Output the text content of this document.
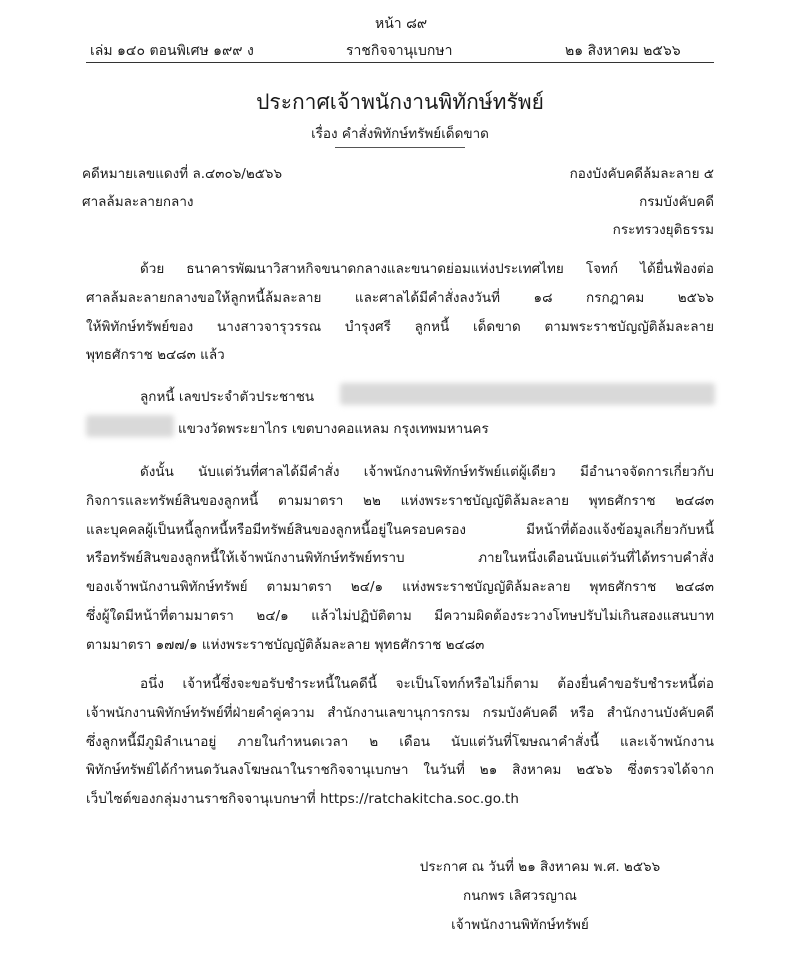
หน้า ๘๙
เล่ม ๑๔๐ ตอนพิเศษ ๑๙๙ ง	ราชกิจจานุเบกษา	๒๑ สิงหาคม ๒๕๖๖
ประกาศเจ้าพนักงานพิทักษ์ทรัพย์
เรื่อง คำสั่งพิทักษ์ทรัพย์เด็ดขาด
คดีหมายเลขแดงที่ ล.๔๓๐๖/๒๕๖๖
ศาลล้มละลายกลาง
กองบังคับคดีล้มละลาย ๕
กรมบังคับคดี
กระทรวงยุติธรรม
ด้วย ธนาคารพัฒนาวิสาหกิจขนาดกลางและขนาดย่อมแห่งประเทศไทย โจทก์ ได้ยื่นฟ้องต่อ
ศาลล้มละลายกลางขอให้ลูกหนี้ล้มละลาย และศาลได้มีคำสั่งลงวันที่ ๑๘ กรกฎาคม ๒๕๖๖
ให้พิทักษ์ทรัพย์ของ นางสาวจารุวรรณ บำรุงศรี ลูกหนี้ เด็ดขาด ตามพระราชบัญญัติล้มละลาย
พุทธศักราช ๒๔๘๓ แล้ว
ลูกหนี้ เลขประจำตัวประชาชน
แขวงวัดพระยาไกร เขตบางคอแหลม กรุงเทพมหานคร
ดังนั้น นับแต่วันที่ศาลได้มีคำสั่ง เจ้าพนักงานพิทักษ์ทรัพย์แต่ผู้เดียว มีอำนาจจัดการเกี่ยวกับ
กิจการและทรัพย์สินของลูกหนี้ ตามมาตรา ๒๒ แห่งพระราชบัญญัติล้มละลาย พุทธศักราช ๒๔๘๓
และบุคคลผู้เป็นหนี้ลูกหนี้หรือมีทรัพย์สินของลูกหนี้อยู่ในครอบครอง มีหน้าที่ต้องแจ้งข้อมูลเกี่ยวกับหนี้
หรือทรัพย์สินของลูกหนี้ให้เจ้าพนักงานพิทักษ์ทรัพย์ทราบ ภายในหนึ่งเดือนนับแต่วันที่ได้ทราบคำสั่ง
ของเจ้าพนักงานพิทักษ์ทรัพย์ ตามมาตรา ๒๔/๑ แห่งพระราชบัญญัติล้มละลาย พุทธศักราช ๒๔๘๓
ซึ่งผู้ใดมีหน้าที่ตามมาตรา ๒๔/๑ แล้วไม่ปฏิบัติตาม มีความผิดต้องระวางโทษปรับไม่เกินสองแสนบาท
ตามมาตรา ๑๗๗/๑ แห่งพระราชบัญญัติล้มละลาย พุทธศักราช ๒๔๘๓
อนึ่ง เจ้าหนี้ซึ่งจะขอรับชำระหนี้ในคดีนี้ จะเป็นโจทก์หรือไม่ก็ตาม ต้องยื่นคำขอรับชำระหนี้ต่อ
เจ้าพนักงานพิทักษ์ทรัพย์ที่ฝ่ายคำคู่ความ สำนักงานเลขานุการกรม กรมบังคับคดี หรือ สำนักงานบังคับคดี
ซึ่งลูกหนี้มีภูมิลำเนาอยู่ ภายในกำหนดเวลา ๒ เดือน นับแต่วันที่โฆษณาคำสั่งนี้ และเจ้าพนักงาน
พิทักษ์ทรัพย์ได้กำหนดวันลงโฆษณาในราชกิจจานุเบกษา ในวันที่ ๒๑ สิงหาคม ๒๕๖๖ ซึ่งตรวจได้จาก
เว็บไซต์ของกลุ่มงานราชกิจจานุเบกษาที่ https://ratchakitcha.soc.go.th
ประกาศ ณ วันที่ ๒๑ สิงหาคม พ.ศ. ๒๕๖๖
กนกพร เลิศวรญาณ
เจ้าพนักงานพิทักษ์ทรัพย์
